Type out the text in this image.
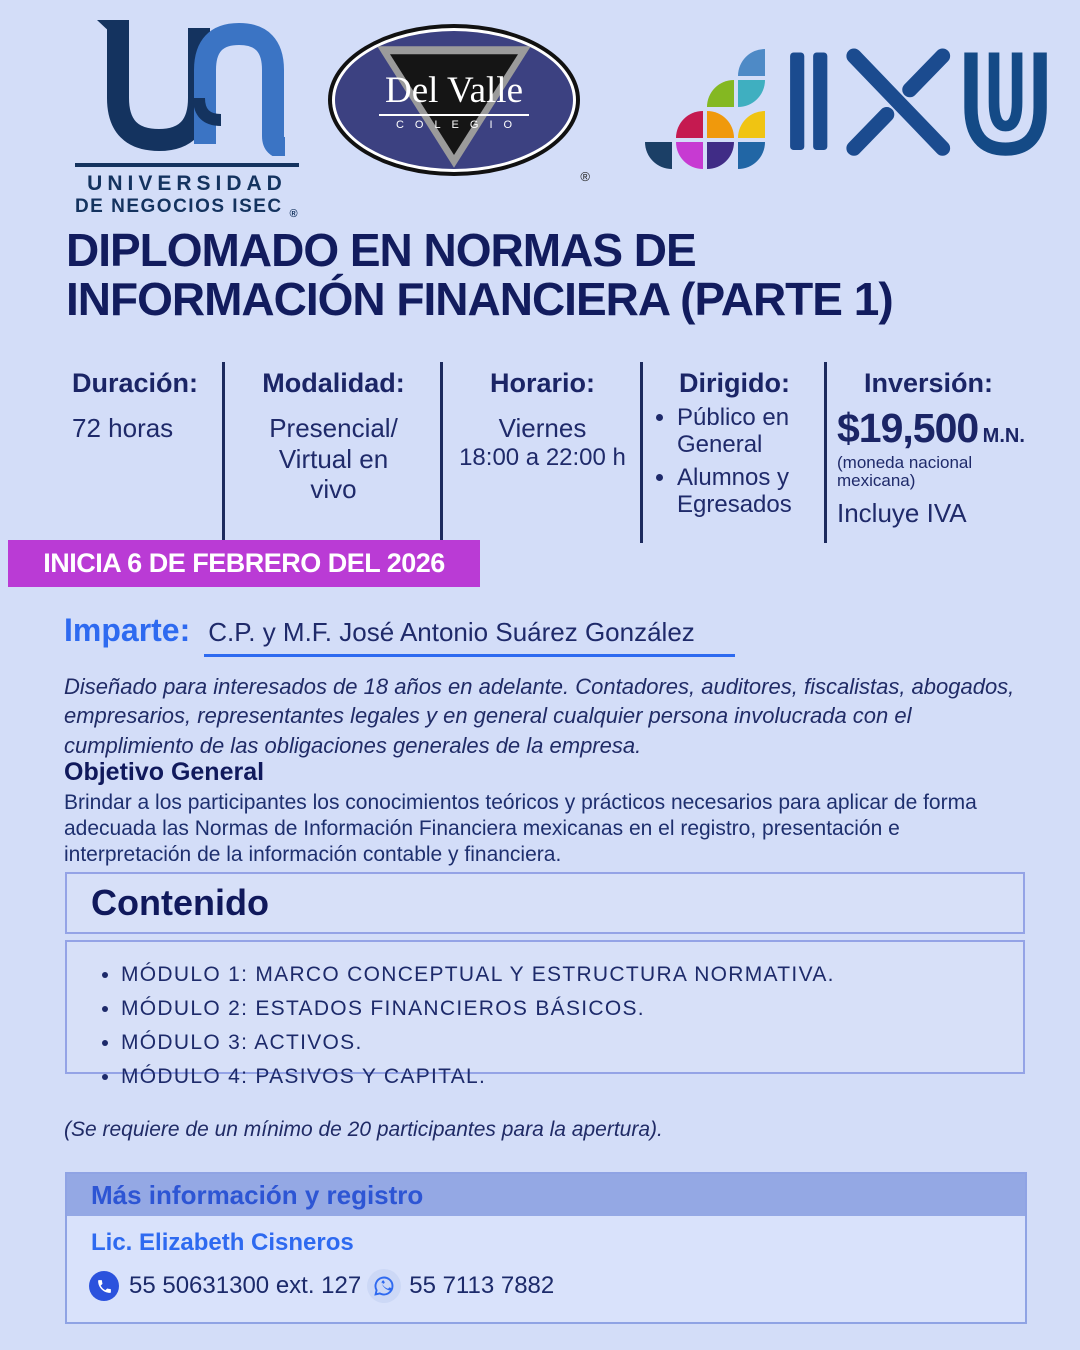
UNIVERSIDAD
DE NEGOCIOS ISEC $_®$
Del Valle
COLEGIO
®
DIPLOMADO EN NORMAS DE
INFORMACIÓN FINANCIERA (PARTE 1)
Duración:
72 horas
Modalidad:
Presencial/
Virtual en
vivo
Horario:
Viernes
18:00 a 22:00 h
Dirigido:
• Público en General
• Alumnos y Egresados
Inversión:
$19,500 M.N.
(moneda nacional
mexicana)
Incluye IVA
INICIA 6 DE FEBRERO DEL 2026
Imparte: C.P. y M.F. José Antonio Suárez González
Diseñado para interesados de 18 años en adelante. Contadores, auditores, fiscalistas, abogados, empresarios, representantes legales y en general cualquier persona involucrada con el cumplimiento de las obligaciones generales de la empresa.
Objetivo General
Brindar a los participantes los conocimientos teóricos y prácticos necesarios para aplicar de forma adecuada las Normas de Información Financiera mexicanas en el registro, presentación e interpretación de la información contable y financiera.
Contenido
• MÓDULO 1: MARCO CONCEPTUAL Y ESTRUCTURA NORMATIVA.
• MÓDULO 2: ESTADOS FINANCIEROS BÁSICOS.
• MÓDULO 3: ACTIVOS.
• MÓDULO 4: PASIVOS Y CAPITAL.
(Se requiere de un mínimo de 20 participantes para la apertura).
Más información y registro
Lic. Elizabeth Cisneros
55 50631300 ext. 127 55 7113 7882
